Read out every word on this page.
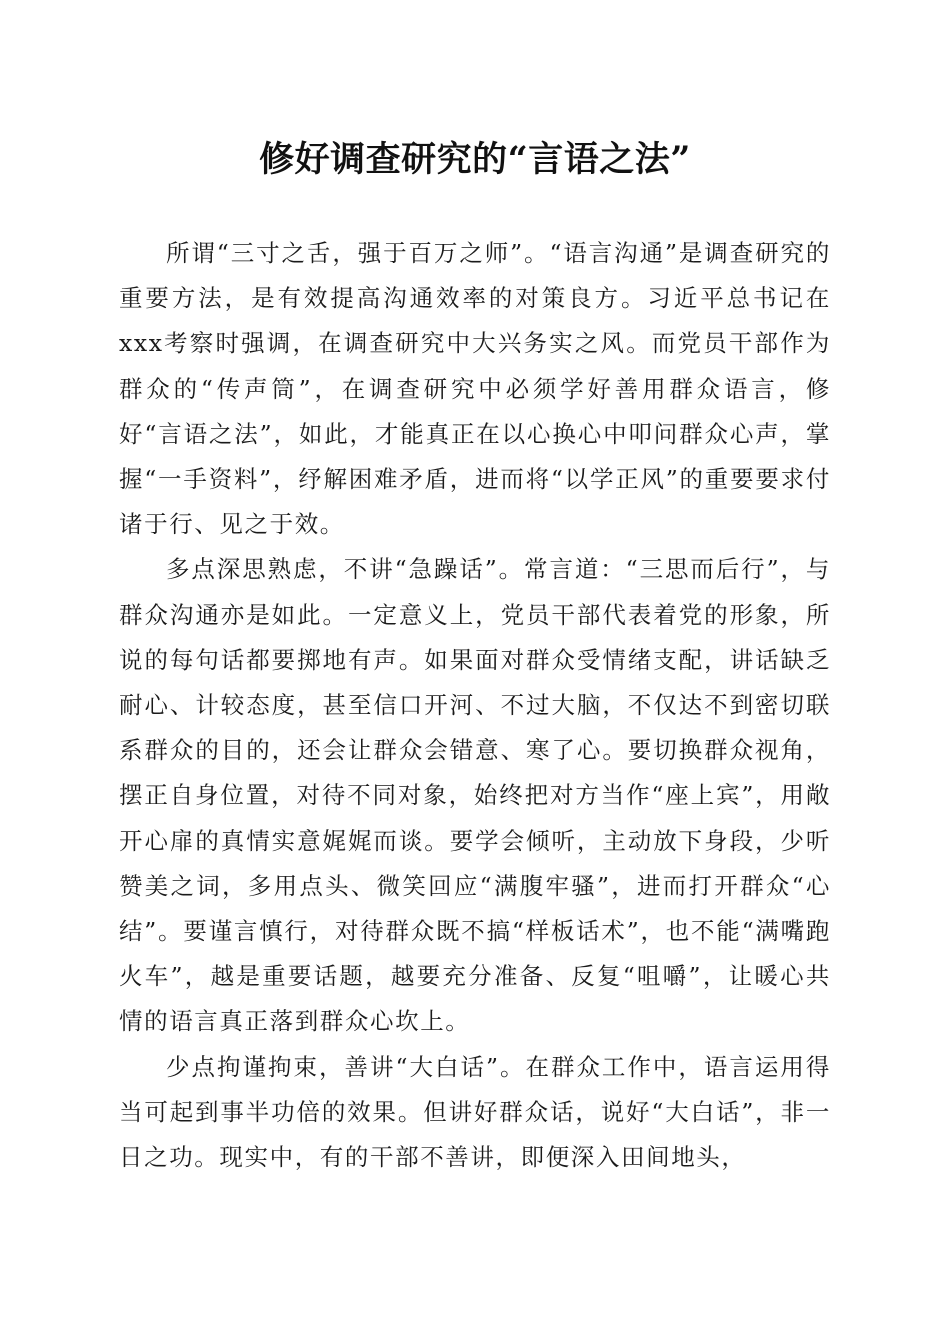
修好调查研究的“言语之法”

所谓“三寸之舌，强于百万之师”。“语言沟通”是调查研究的重要方法，是有效提高沟通效率的对策良方。习近平总书记在xxx考察时强调，在调查研究中大兴务实之风。而党员干部作为群众的“传声筒”，在调查研究中必须学好善用群众语言，修好“言语之法”，如此，才能真正在以心换心中叩问群众心声，掌握“一手资料”，纾解困难矛盾，进而将“以学正风”的重要要求付诸于行、见之于效。

多点深思熟虑，不讲“急躁话”。常言道：“三思而后行”，与群众沟通亦是如此。一定意义上，党员干部代表着党的形象，所说的每句话都要掷地有声。如果面对群众受情绪支配，讲话缺乏耐心、计较态度，甚至信口开河、不过大脑，不仅达不到密切联系群众的目的，还会让群众会错意、寒了心。要切换群众视角，摆正自身位置，对待不同对象，始终把对方当作“座上宾”，用敞开心扉的真情实意娓娓而谈。要学会倾听，主动放下身段，少听赞美之词，多用点头、微笑回应“满腹牢骚”，进而打开群众“心结”。要谨言慎行，对待群众既不搞“样板话术”，也不能“满嘴跑火车”，越是重要话题，越要充分准备、反复“咀嚼”，让暖心共情的语言真正落到群众心坎上。

少点拘谨拘束，善讲“大白话”。在群众工作中，语言运用得当可起到事半功倍的效果。但讲好群众话，说好“大白话”，非一日之功。现实中，有的干部不善讲，即便深入田间地头，
